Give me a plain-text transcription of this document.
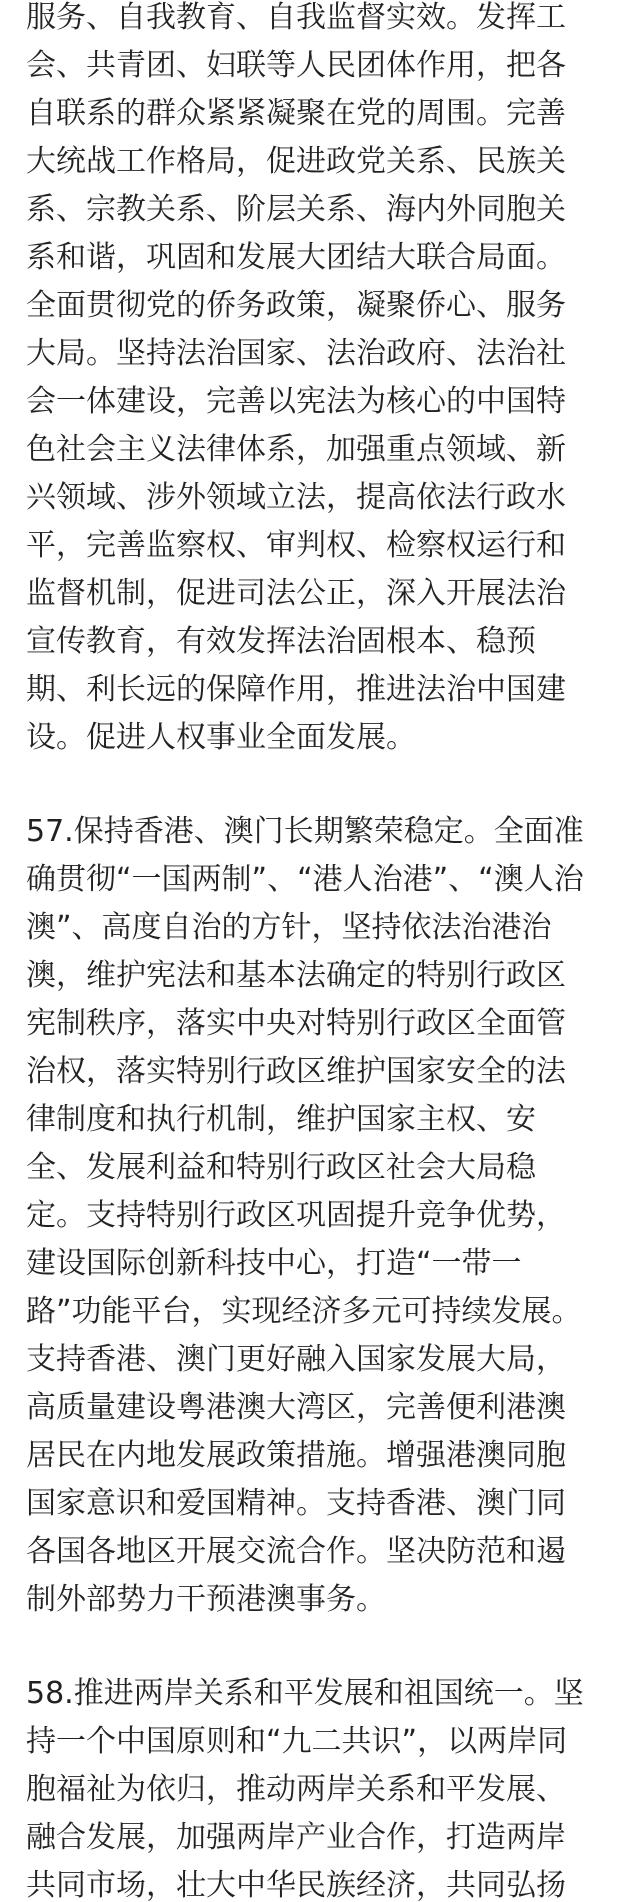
服务、自我教育、自我监督实效。发挥工
会、共青团、妇联等人民团体作用，把各
自联系的群众紧紧凝聚在党的周围。完善
大统战工作格局，促进政党关系、民族关
系、宗教关系、阶层关系、海内外同胞关
系和谐，巩固和发展大团结大联合局面。
全面贯彻党的侨务政策，凝聚侨心、服务
大局。坚持法治国家、法治政府、法治社
会一体建设，完善以宪法为核心的中国特
色社会主义法律体系，加强重点领域、新
兴领域、涉外领域立法，提高依法行政水
平，完善监察权、审判权、检察权运行和
监督机制，促进司法公正，深入开展法治
宣传教育，有效发挥法治固根本、稳预
期、利长远的保障作用，推进法治中国建
设。促进人权事业全面发展。
57.保持香港、澳门长期繁荣稳定。全面准
确贯彻“一国两制”、“港人治港”、“澳人治
澳”、高度自治的方针，坚持依法治港治
澳，维护宪法和基本法确定的特别行政区
宪制秩序，落实中央对特别行政区全面管
治权，落实特别行政区维护国家安全的法
律制度和执行机制，维护国家主权、安
全、发展利益和特别行政区社会大局稳
定。支持特别行政区巩固提升竞争优势，
建设国际创新科技中心，打造“一带一
路”功能平台，实现经济多元可持续发展。
支持香港、澳门更好融入国家发展大局，
高质量建设粤港澳大湾区，完善便利港澳
居民在内地发展政策措施。增强港澳同胞
国家意识和爱国精神。支持香港、澳门同
各国各地区开展交流合作。坚决防范和遏
制外部势力干预港澳事务。
58.推进两岸关系和平发展和祖国统一。坚
持一个中国原则和“九二共识”，以两岸同
胞福祉为依归，推动两岸关系和平发展、
融合发展，加强两岸产业合作，打造两岸
共同市场，壮大中华民族经济，共同弘扬
